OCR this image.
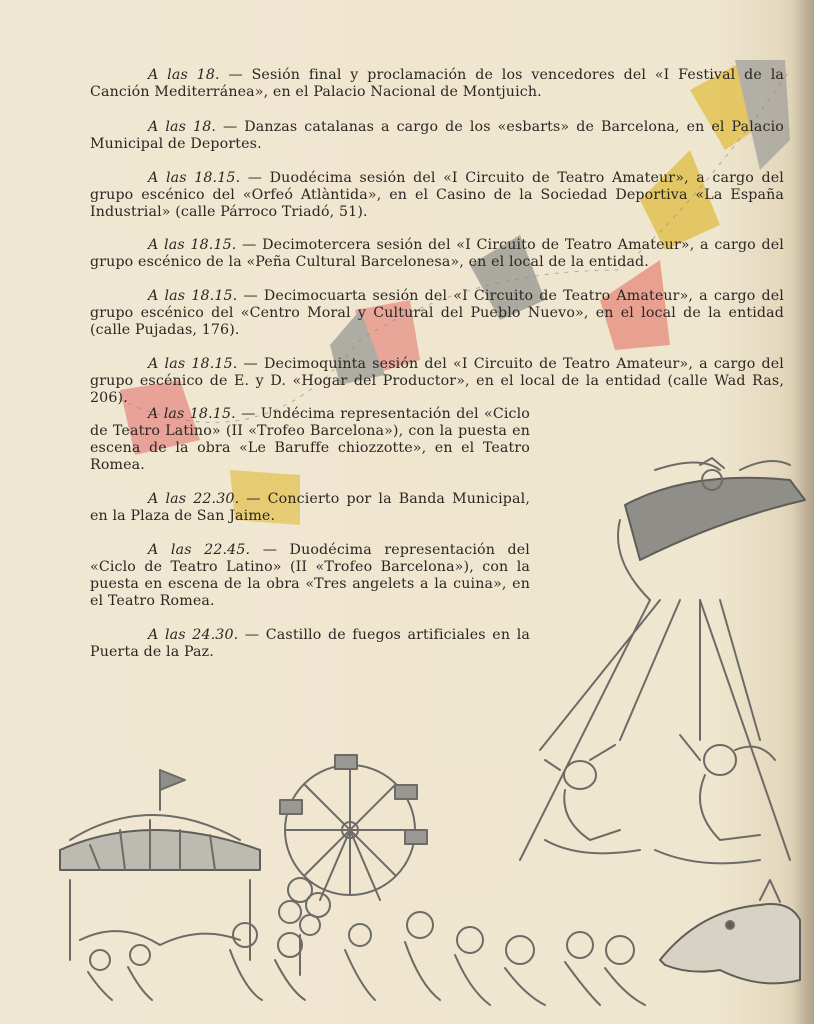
A las 18. — Sesión final y proclamación de los vencedores del «I Festival de la Canción Mediterránea», en el Palacio Nacional de Montjuich.

A las 18. — Danzas catalanas a cargo de los «esbarts» de Barcelona, en el Palacio Municipal de Deportes.

A las 18.15. — Duodécima sesión del «I Circuito de Teatro Amateur», a cargo del grupo escénico del «Orfeó Atlàntida», en el Casino de la Sociedad Deportiva «La España Industrial» (calle Párroco Triadó, 51).

A las 18.15. — Decimotercera sesión del «I Circuito de Teatro Amateur», a cargo del grupo escénico de la «Peña Cultural Barcelonesa», en el local de la entidad.

A las 18.15. — Decimocuarta sesión del «I Circuito de Teatro Amateur», a cargo del grupo escénico del «Centro Moral y Cultural del Pueblo Nuevo», en el local de la entidad (calle Pujadas, 176).

A las 18.15. — Decimoquinta sesión del «I Circuito de Teatro Amateur», a cargo del grupo escénico de E. y D. «Hogar del Productor», en el local de la entidad (calle Wad Ras, 206).

A las 18.15. — Undécima representación del «Ciclo de Teatro Latino» (II «Trofeo Barcelona»), con la puesta en escena de la obra «Le Baruffe chiozzotte», en el Teatro Romea.

A las 22.30. — Concierto por la Banda Municipal, en la Plaza de San Jaime.

A las 22.45. — Duodécima representación del «Ciclo de Teatro Latino» (II «Trofeo Barcelona»), con la puesta en escena de la obra «Tres angelets a la cuina», en el Teatro Romea.

A las 24.30. — Castillo de fuegos artificiales en la Puerta de la Paz.
